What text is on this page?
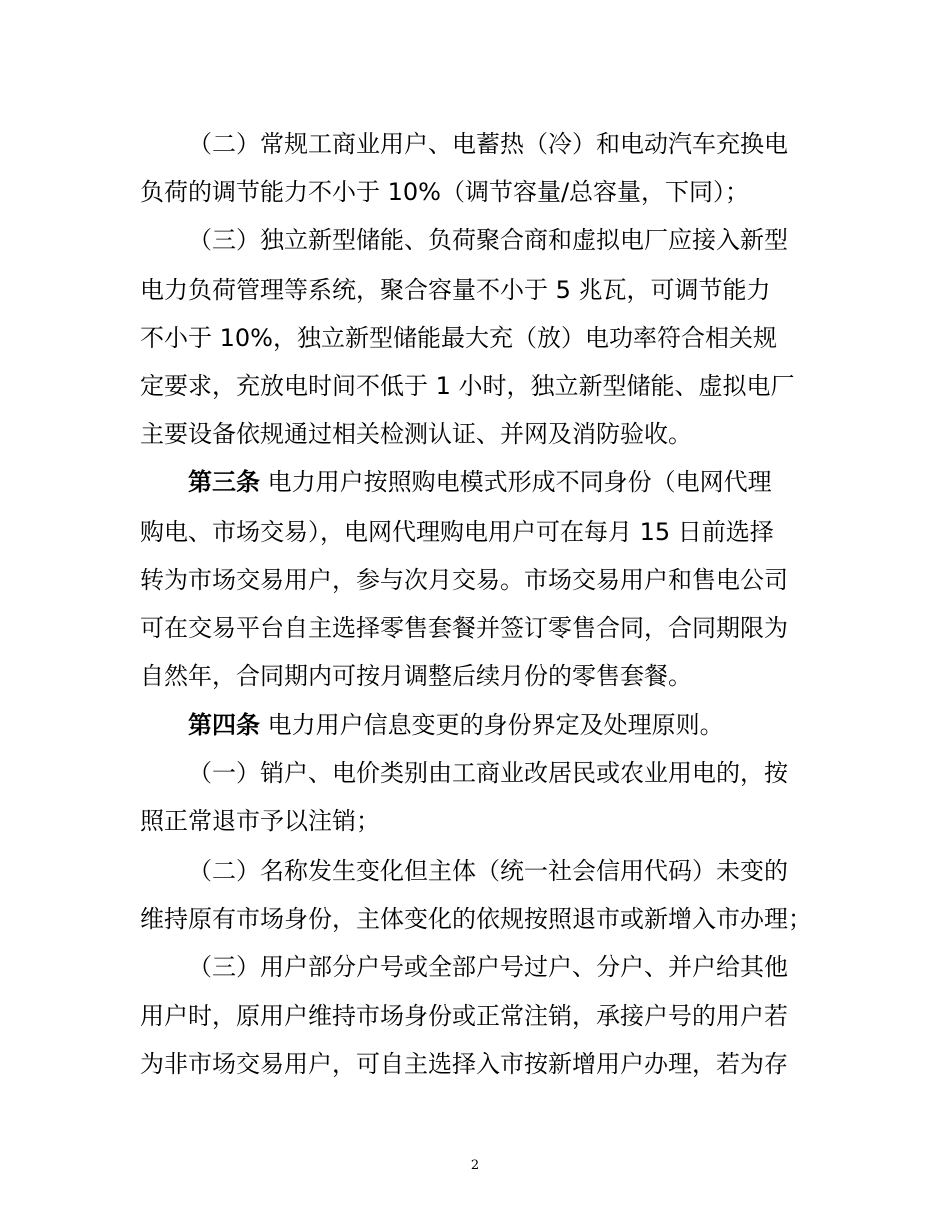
（二）常规工商业用户、电蓄热（冷）和电动汽车充换电
负荷的调节能力不小于 10%（调节容量/总容量，下同）；
（三）独立新型储能、负荷聚合商和虚拟电厂应接入新型
电力负荷管理等系统，聚合容量不小于 5 兆瓦，可调节能力
不小于 10%，独立新型储能最大充（放）电功率符合相关规
定要求，充放电时间不低于 1 小时，独立新型储能、虚拟电厂
主要设备依规通过相关检测认证、并网及消防验收。
第三条 电力用户按照购电模式形成不同身份（电网代理
购电、市场交易），电网代理购电用户可在每月 15 日前选择
转为市场交易用户，参与次月交易。市场交易用户和售电公司
可在交易平台自主选择零售套餐并签订零售合同，合同期限为
自然年，合同期内可按月调整后续月份的零售套餐。
第四条 电力用户信息变更的身份界定及处理原则。
（一）销户、电价类别由工商业改居民或农业用电的，按
照正常退市予以注销；
（二）名称发生变化但主体（统一社会信用代码）未变的
维持原有市场身份，主体变化的依规按照退市或新增入市办理；
（三）用户部分户号或全部户号过户、分户、并户给其他
用户时，原用户维持市场身份或正常注销，承接户号的用户若
为非市场交易用户，可自主选择入市按新增用户办理，若为存
2
